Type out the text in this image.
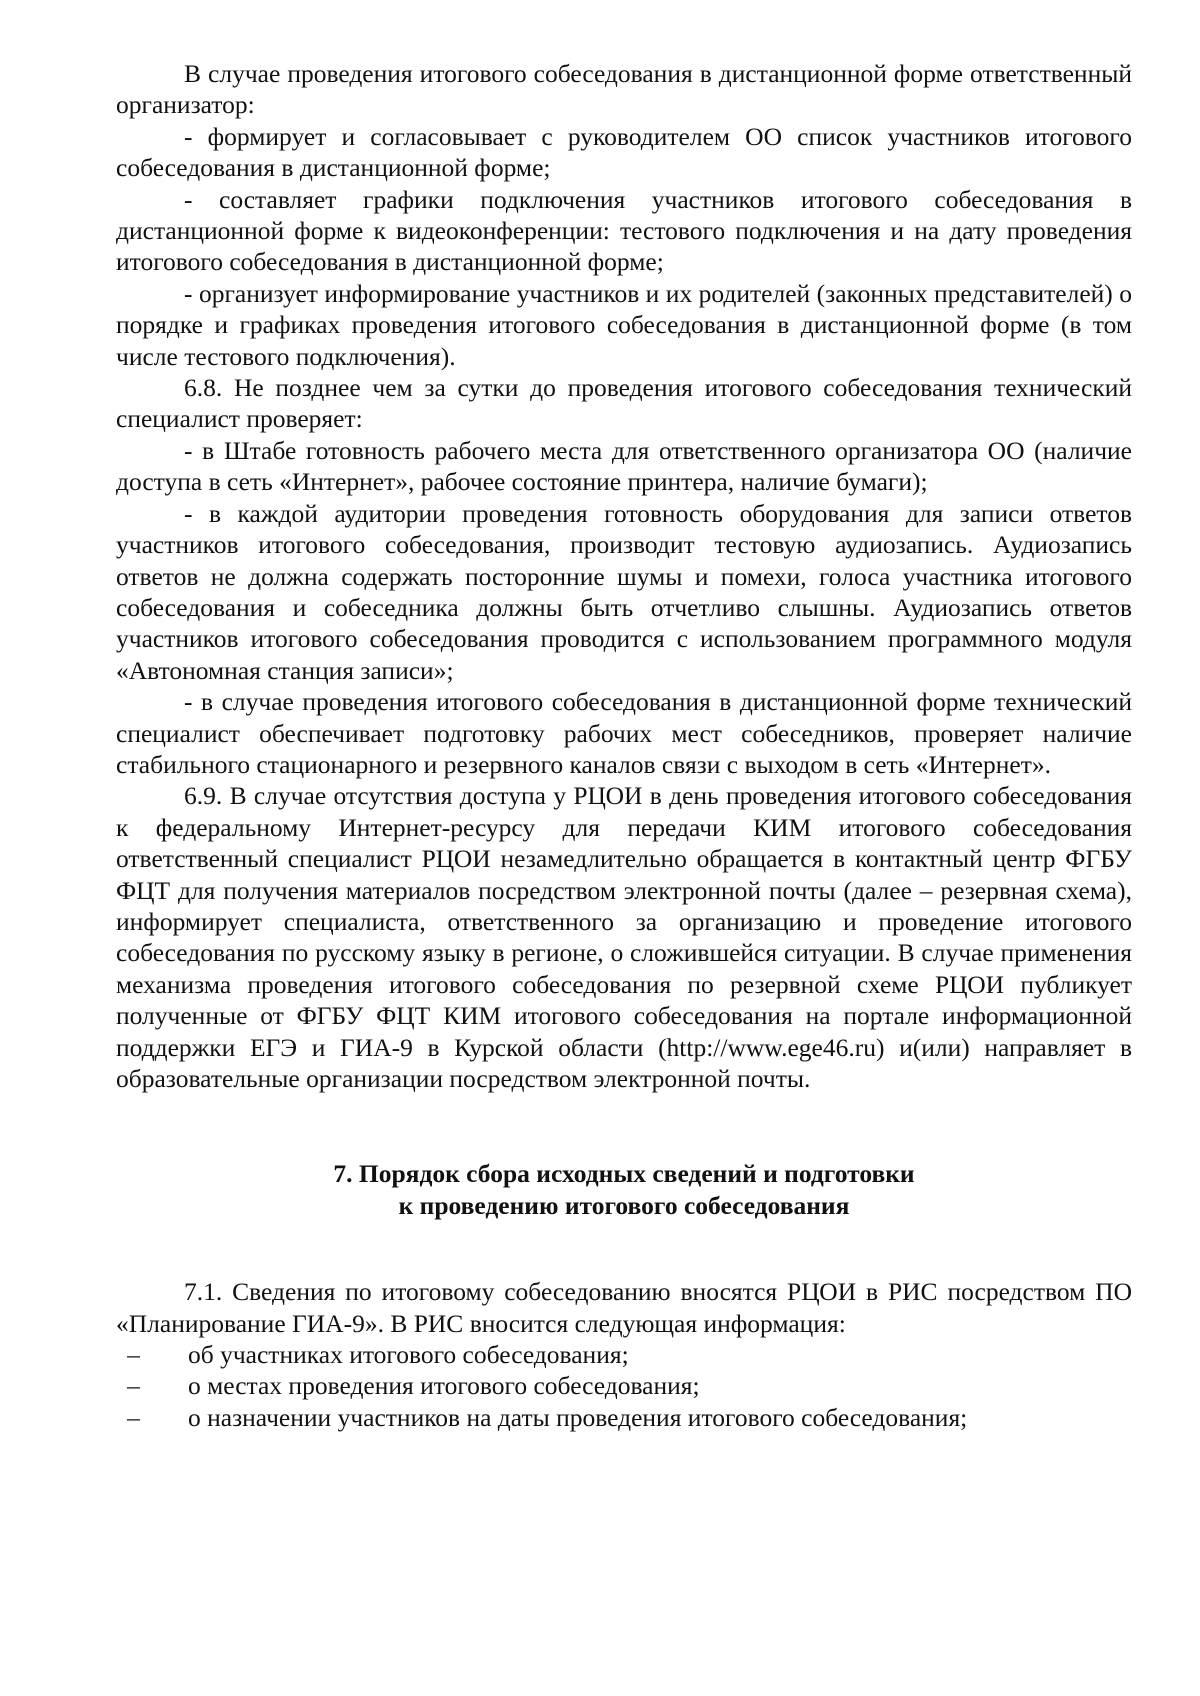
В случае проведения итогового собеседования в дистанционной форме ответственный организатор:

- формирует и согласовывает с руководителем ОО список участников итогового собеседования в дистанционной форме;

- составляет графики подключения участников итогового собеседования в дистанционной форме к видеоконференции: тестового подключения и на дату проведения итогового собеседования в дистанционной форме;

- организует информирование участников и их родителей (законных представителей) о порядке и графиках проведения итогового собеседования в дистанционной форме (в том числе тестового подключения).

6.8. Не позднее чем за сутки до проведения итогового собеседования технический специалист проверяет:

- в Штабе готовность рабочего места для ответственного организатора ОО (наличие доступа в сеть «Интернет», рабочее состояние принтера, наличие бумаги);

- в каждой аудитории проведения готовность оборудования для записи ответов участников итогового собеседования, производит тестовую аудиозапись. Аудиозапись ответов не должна содержать посторонние шумы и помехи, голоса участника итогового собеседования и собеседника должны быть отчетливо слышны. Аудиозапись ответов участников итогового собеседования проводится с использованием программного модуля «Автономная станция записи»;

- в случае проведения итогового собеседования в дистанционной форме технический специалист обеспечивает подготовку рабочих мест собеседников, проверяет наличие стабильного стационарного и резервного каналов связи с выходом в сеть «Интернет».

6.9. В случае отсутствия доступа у РЦОИ в день проведения итогового собеседования к федеральному Интернет-ресурсу для передачи КИМ итогового собеседования ответственный специалист РЦОИ незамедлительно обращается в контактный центр ФГБУ ФЦТ для получения материалов посредством электронной почты (далее – резервная схема), информирует специалиста, ответственного за организацию и проведение итогового собеседования по русскому языку в регионе, о сложившейся ситуации. В случае применения механизма проведения итогового собеседования по резервной схеме РЦОИ публикует полученные от ФГБУ ФЦТ КИМ итогового собеседования на портале информационной поддержки ЕГЭ и ГИА-9 в Курской области (http://www.ege46.ru) и(или) направляет в образовательные организации посредством электронной почты.

7. Порядок сбора исходных сведений и подготовки
к проведению итогового собеседования

7.1. Сведения по итоговому собеседованию вносятся РЦОИ в РИС посредством ПО «Планирование ГИА-9». В РИС вносится следующая информация:

–	об участниках итогового собеседования;
–	о местах проведения итогового собеседования;
–	о назначении участников на даты проведения итогового собеседования;
